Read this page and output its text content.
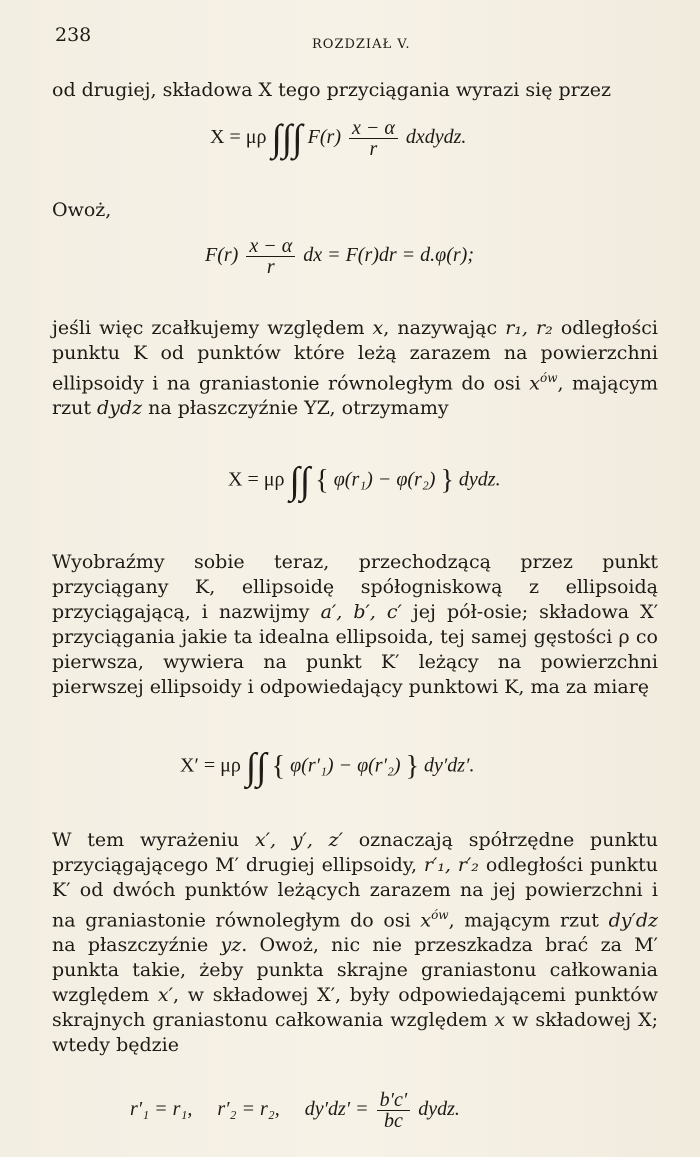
238	ROZDZIAŁ V.
od drugiej, składowa X tego przyciągania wyrazi się przez
X = μρ ∫∫∫ $F(r) \frac{x - \alpha}{r}$ dxdydz.
Owoż,
$F(r) \frac{x - \alpha}{r}$ dx = F(r)dr = d.φ(r);
jeśli więc zcałkujemy względem x, nazywając r₁, r₂ odległości punktu K od punktów które leżą zarazem na powierzchni ellipsoidy i na graniastonie równoległym do osi $x^{ów}$, mającym rzut dydz na płaszczyźnie YZ, otrzymamy
X = μρ ∫∫ { φ(r₁) − φ(r₂) } dydz.
Wyobraźmy sobie teraz, przechodzącą przez punkt przyciągany K, ellipsoidę spółogniskową z ellipsoidą przyciągającą, i nazwijmy a′, b′, c′ jej pół-osie; składowa X′ przyciągania jakie ta idealna ellipsoida, tej samej gęstości ρ co pierwsza, wywiera na punkt K′ leżący na powierzchni pierwszej ellipsoidy i odpowiedający punktowi K, ma za miarę
X′ = μρ ∫∫ { φ(r′₁) − φ(r′₂) } dy′dz′.
W tem wyrażeniu x′, y′, z′ oznaczają spółrzędne punktu przyciągającego M′ drugiej ellipsoidy, r′₁, r′₂ odległości punktu K′ od dwóch punktów leżących zarazem na jej powierzchni i na graniastonie równoległym do osi $x^{ów}$, mającym rzut dy′dz na płaszczyźnie yz. Owoż, nic nie przeszkadza brać za M′ punkta takie, żeby punkta skrajne graniastonu całkowania względem x′, w składowej X′, były odpowiedającemi punktów skrajnych graniastonu całkowania względem x w składowej X; wtedy będzie
r′₁ = r₁, r′₂ = r₂, $dy'dz' = \frac{b'c'}{bc}$ dydz.
